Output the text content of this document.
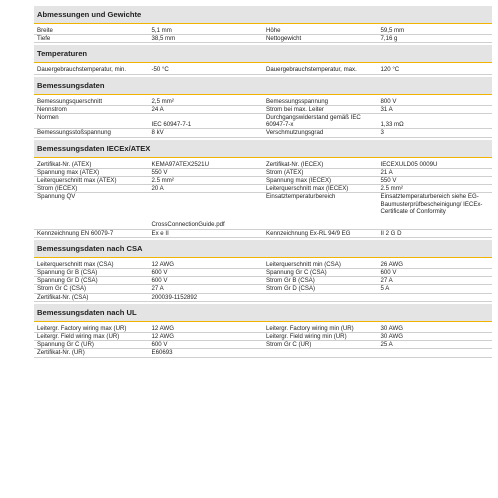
Abmessungen und Gewichte

Breite	5,1 mm	Höhe	59,5 mm
Tiefe	38,5 mm	Nettogewicht	7,16 g
Temperaturen

Dauergebrauchstemperatur, min.	-50 °C	Dauergebrauchstemperatur, max.	120 °C
Bemessungsdaten

Bemessungsquerschnitt	2,5 mm²	Bemessungsspannung	800 V
Nennstrom	24 A	Strom bei max. Leiter	31 A
Normen	IEC 60947-7-1	Durchgangswiderstand gemäß IEC 60947-7-x	1,33 mΩ
Bemessungsstoßspannung	8 kV	Verschmutzungsgrad	3
Bemessungsdaten IECEx/ATEX

Zertifikat-Nr. (ATEX)	KEMA97ATEX2521U	Zertifikat-Nr. (IECEX)	IECEXULD05 0009U
Spannung max (ATEX)	550 V	Strom (ATEX)	21 A
Leiterquerschnitt max (ATEX)	2.5 mm²	Spannung max (IECEX)	550 V
Strom (IECEX)	20 A	Leiterquerschnitt max (IECEX)	2.5 mm²
Spannung QV	CrossConnectionGuide.pdf	Einsatztemperaturbereich	Einsatztemperaturbereich siehe EG-Baumusterprüfbescheinigung/ IECEx-Certificate of Conformity
Kennzeichnung EN 60079-7	Ex e II	Kennzeichnung Ex-RL 94/9 EG	II 2 G D
Bemessungsdaten nach CSA

Leiterquerschnitt max (CSA)	12 AWG	Leiterquerschnitt min (CSA)	26 AWG
Spannung Gr B (CSA)	600 V	Spannung Gr C (CSA)	600 V
Spannung Gr D (CSA)	600 V	Strom Gr B (CSA)	27 A
Strom Gr C (CSA)	27 A	Strom Gr D (CSA)	5 A
Zertifikat-Nr. (CSA)	200039-1152892		
Bemessungsdaten nach UL

Leitergr. Factory wiring max (UR)	12 AWG	Leitergr. Factory wiring min (UR)	30 AWG
Leitergr. Field wiring max (UR)	12 AWG	Leitergr. Field wiring min (UR)	30 AWG
Spannung Gr C (UR)	600 V	Strom Gr C (UR)	25 A
Zertifikat-Nr. (UR)	E60693		
